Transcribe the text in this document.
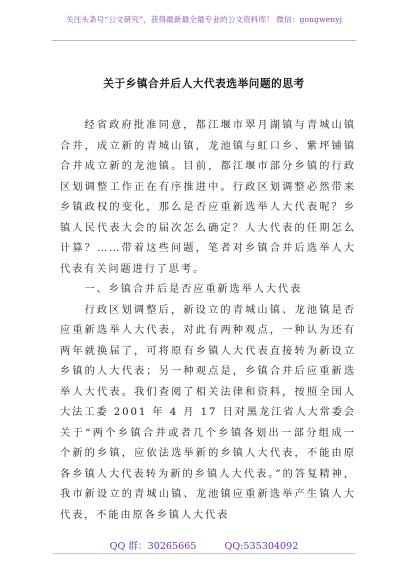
关注头条号“公文研究”，获得最新最全最专业的公文资料库！ 微信：gongwenyj
关于乡镇合并后人大代表选举问题的思考

经省政府批准同意，都江堰市翠月湖镇与青城山镇合并，成立新的青城山镇，龙池镇与虹口乡、紫坪铺镇合并成立新的龙池镇。目前，都江堰市部分乡镇的行政区划调整工作正在有序推进中。行政区划调整必然带来乡镇政权的变化，那么是否应重新选举人大代表呢？乡镇人民代表大会的届次怎么确定？人大代表的任期怎么计算？……带着这些问题，笔者对乡镇合并后选举人大代表有关问题进行了思考。

一、乡镇合并后是否应重新选举人大代表

行政区划调整后，新设立的青城山镇、龙池镇是否应重新选举人大代表，对此有两种观点，一种认为还有两年就换届了，可将原有乡镇人大代表直接转为新设立乡镇的人大代表；另一种观点是，乡镇合并后应重新选举人大代表。我们查阅了相关法律和资料，按照全国人大法工委 2001 年 4 月 17 日对黑龙江省人大常委会关于“两个乡镇合并或者几个乡镇各划出一部分组成一个新的乡镇，应依法选举新的乡镇人大代表，不能由原各乡镇人大代表转为新的乡镇人大代表。”的答复精神，我市新设立的青城山镇、龙池镇应重新选举产生镇人大代表，不能由原各乡镇人大代表

QQ 群：30265665	QQ:535304092
